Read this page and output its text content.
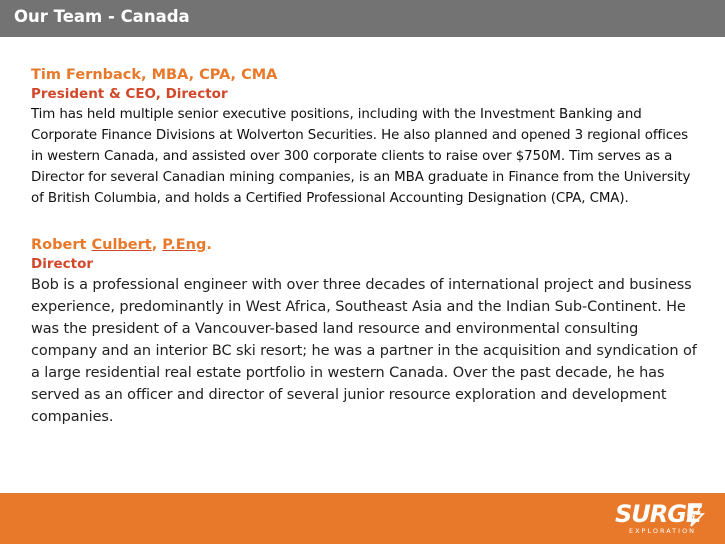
Our Team - Canada
Tim Fernback, MBA, CPA, CMA
President & CEO, Director
Tim has held multiple senior executive positions, including with the Investment Banking and Corporate Finance Divisions at Wolverton Securities. He also planned and opened 3 regional offices in western Canada, and assisted over 300 corporate clients to raise over $750M. Tim serves as a Director for several Canadian mining companies, is an MBA graduate in Finance from the University of British Columbia, and holds a Certified Professional Accounting Designation (CPA, CMA).
Robert Culbert, P.Eng.
Director
Bob is a professional engineer with over three decades of international project and business experience, predominantly in West Africa, Southeast Asia and the Indian Sub-Continent. He was the president of a Vancouver-based land resource and environmental consulting company and an interior BC ski resort; he was a partner in the acquisition and syndication of a large residential real estate portfolio in western Canada. Over the past decade, he has served as an officer and director of several junior resource exploration and development companies.
SURGE
EXPLORATION
